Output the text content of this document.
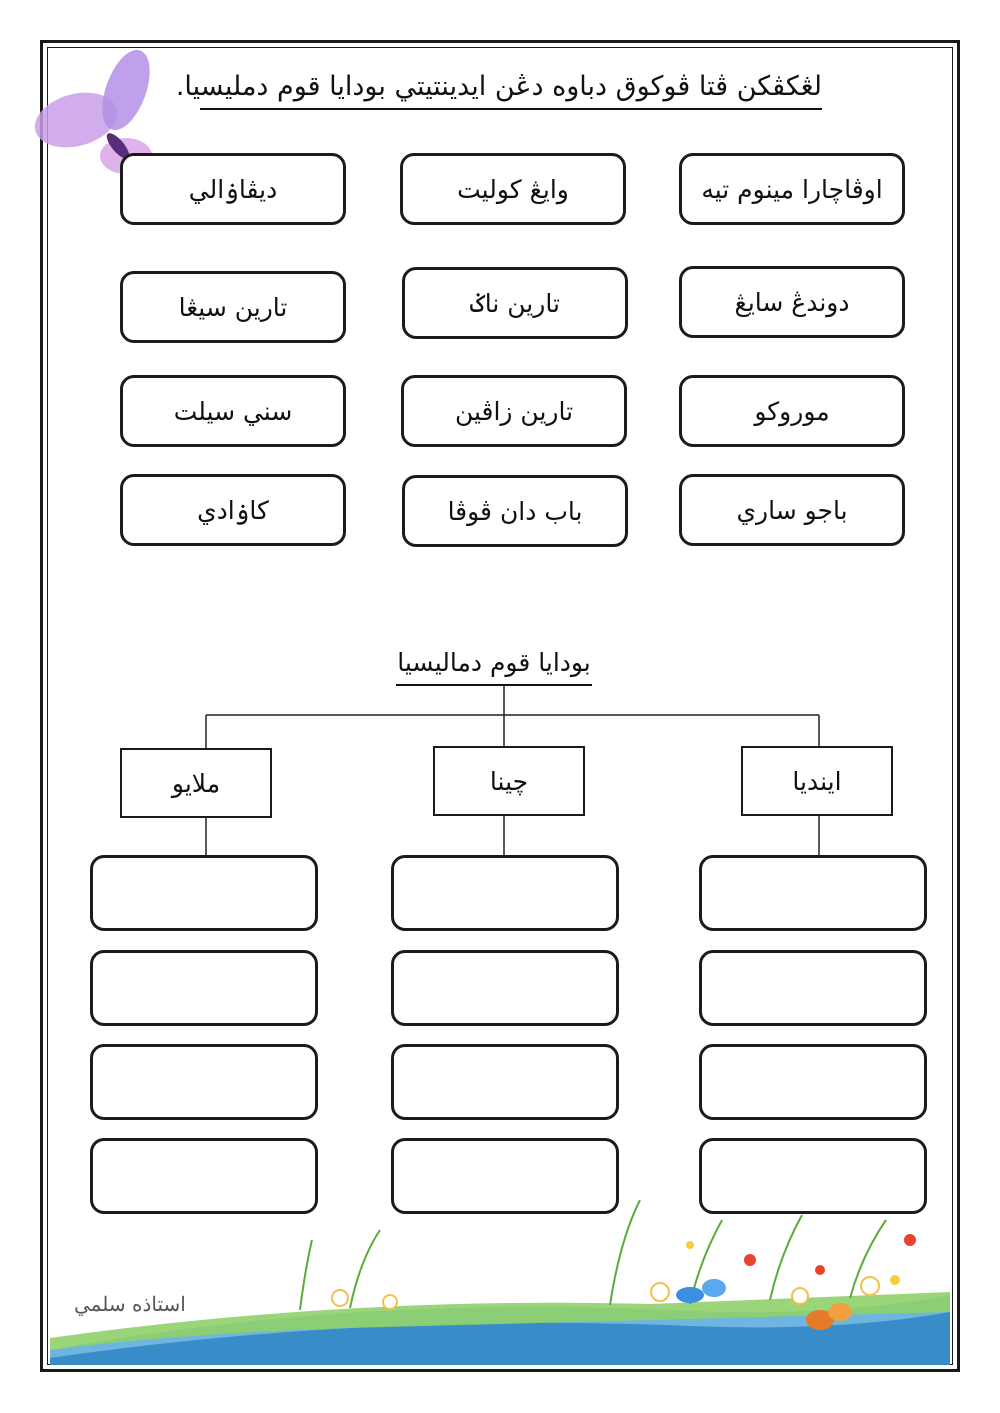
لڠکڤکن ڤتا ڤوکوق دباوه دڠن ايدينتيتي بودايا قوم دمليسيا.
اوڤاچارا مينوم تيه
وايڠ کوليت
ديڤاۏالي
دوندڠ سايڠ
تارين ناݢ
تارين سيڠا
موروکو
تارين زاڤين
سني سيلت
باجو ساري
باب دان ڤوڤا
کاۏادي
بودايا قوم دماليسيا
ايندي‍ا
چينا
ملايو
استاذه سلمي
